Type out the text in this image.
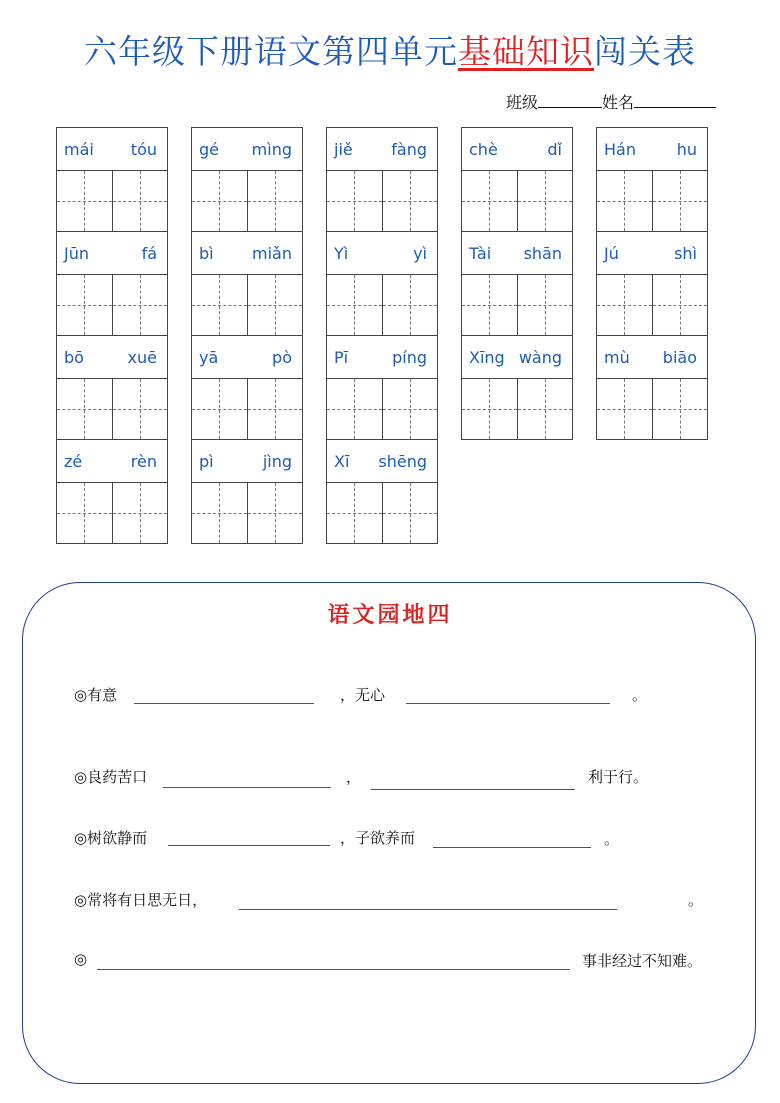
六年级下册语文第四单元基础知识闯关表
班级	姓名
mái tóu
Jūn	fá
bō	xuē
zé	rèn
gé mìng
bì miǎn
yā	pò
pì	jìng
jiě fàng
Yì	yì
Pī	píng
Xī shēng
chè	dǐ
Tài shān
Xīng wàng
Hán	hu
Jú	shì
mù biāo
语文园地四
◎有意	，无心	。
◎良药苦口	，	利于行。
◎树欲静而	，子欲养而	。
◎常将有日思无日，	。
◎	事非经过不知难。
